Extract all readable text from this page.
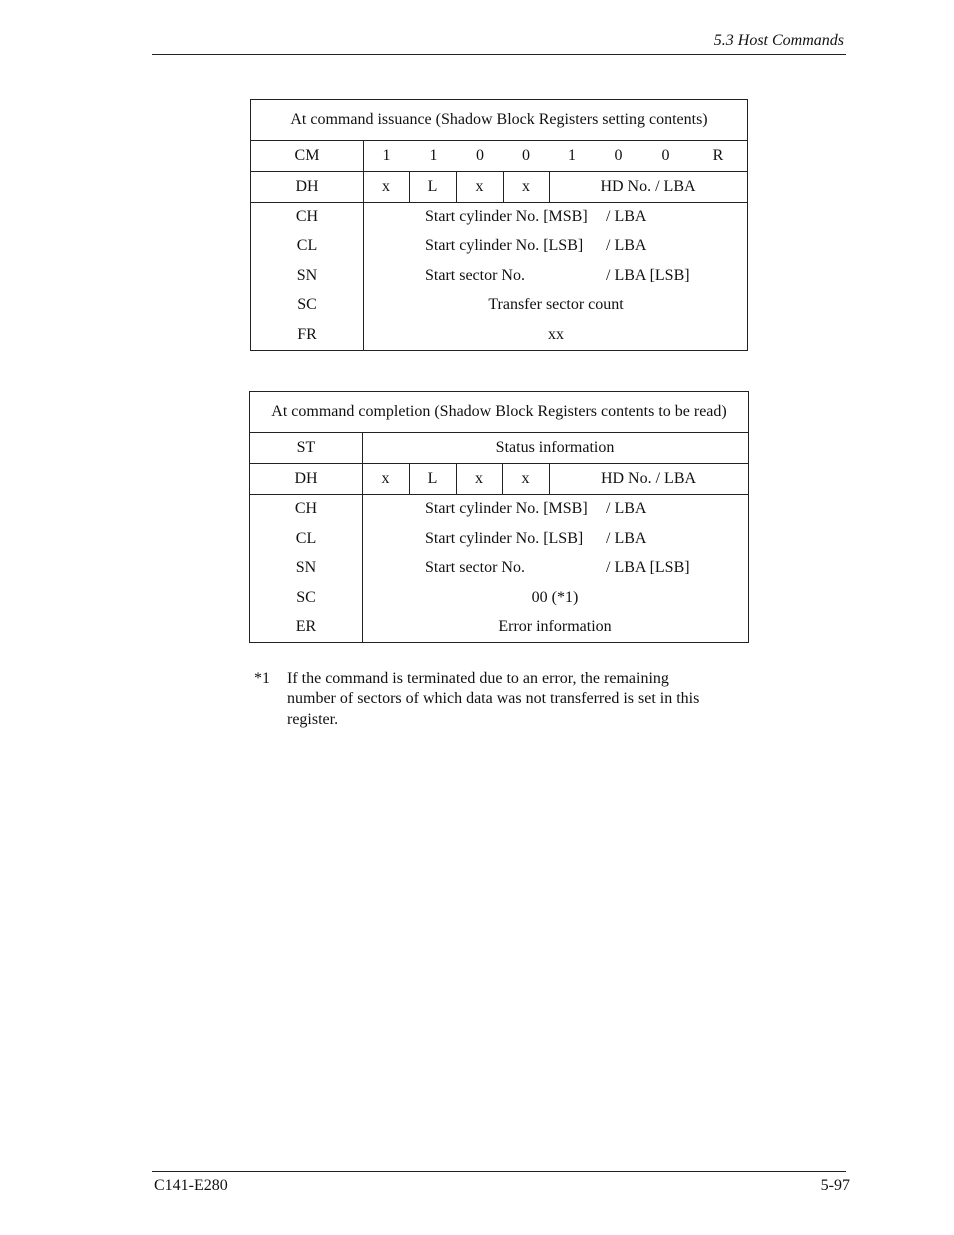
5.3 Host Commands
At command issuance (Shadow Block Registers setting contents)
CM	1	1	0	0	1	0	0	R
DH	x	L	x	x	HD No. / LBA
CH	Start cylinder No. [MSB] / LBA
CL	Start cylinder No. [LSB] / LBA
SN	Start sector No.	/ LBA [LSB]
SC	Transfer sector count
FR	xx
At command completion (Shadow Block Registers contents to be read)
ST	Status information
DH	x	L	x	x	HD No. / LBA
CH	Start cylinder No. [MSB] / LBA
CL	Start cylinder No. [LSB] / LBA
SN	Start sector No.	/ LBA [LSB]
SC	00 (*1)
ER	Error information
*1 If the command is terminated due to an error, the remaining
number of sectors of which data was not transferred is set in this
register.
C141-E280	5-97
